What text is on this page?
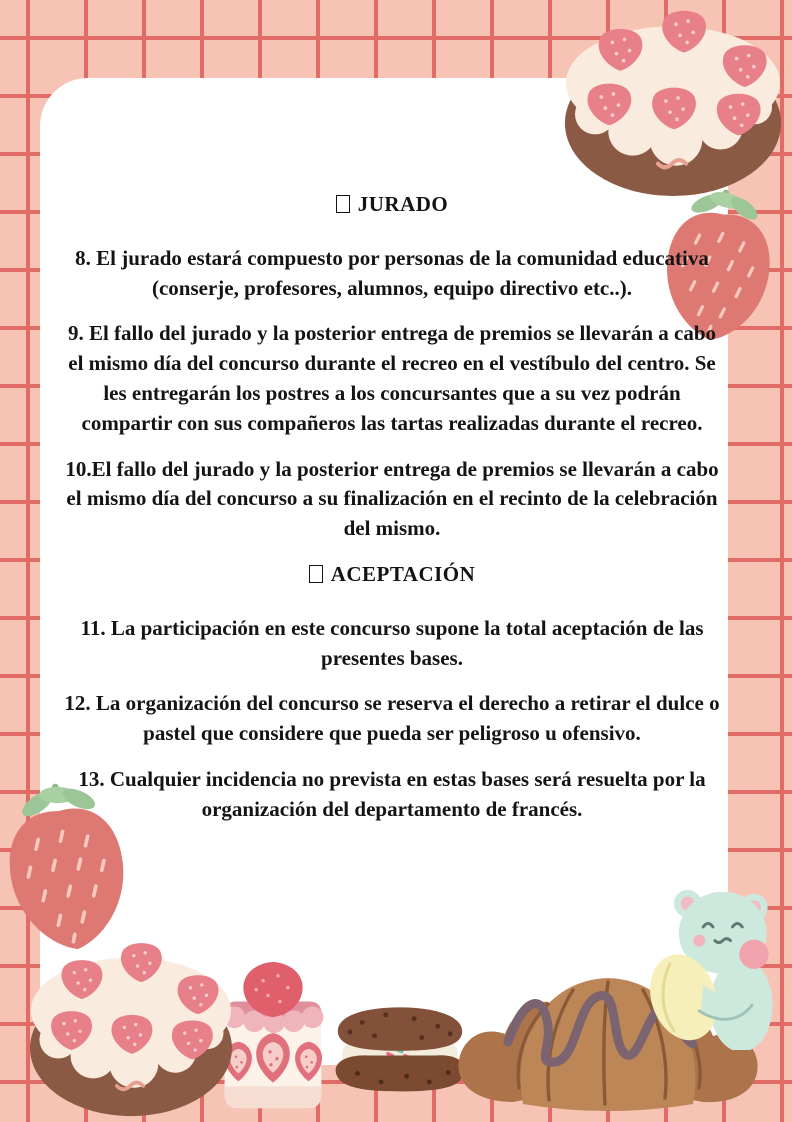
JURADO

8. El jurado estará compuesto por personas de la comunidad educativa (conserje, profesores, alumnos, equipo directivo etc..).

9. El fallo del jurado y la posterior entrega de premios se llevarán a cabo el mismo día del concurso durante el recreo en el vestíbulo del centro. Se les entregarán los postres a los concursantes que a su vez podrán compartir con sus compañeros las tartas realizadas durante el recreo.

10.El fallo del jurado y la posterior entrega de premios se llevarán a cabo el mismo día del concurso a su finalización en el recinto de la celebración del mismo.

ACEPTACIÓN

11. La participación en este concurso supone la total aceptación de las presentes bases.

12. La organización del concurso se reserva el derecho a retirar el dulce o pastel que considere que pueda ser peligroso u ofensivo.

13. Cualquier incidencia no prevista en estas bases será resuelta por la organización del departamento de francés.
